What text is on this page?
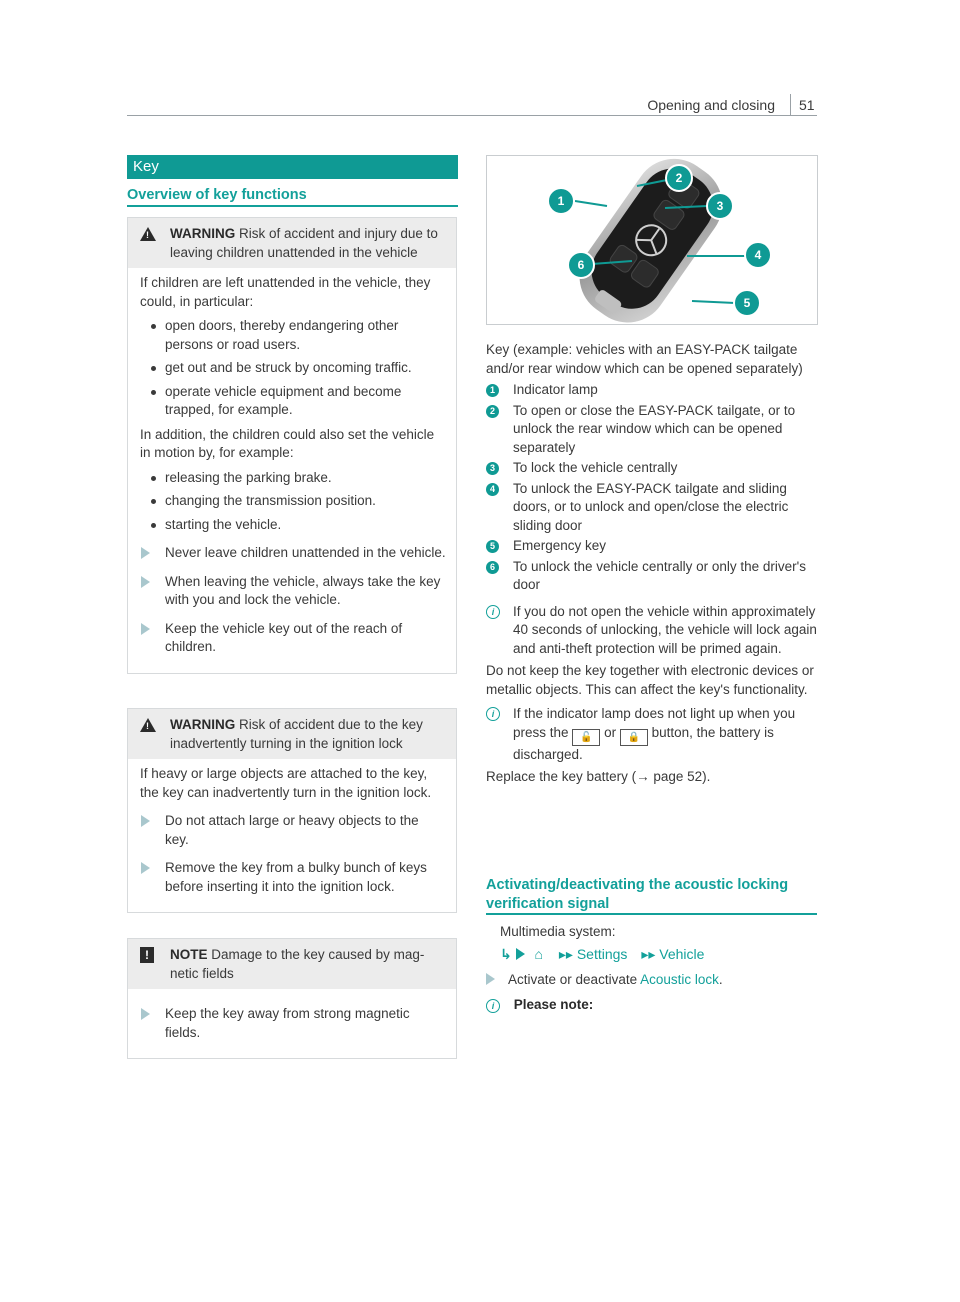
Opening and closing 51
Key
Overview of key functions
!
WARNING Risk of accident and injury due to leaving children unattended in the vehicle

If children are left unattended in the vehicle, they could, in particular:

open doors, thereby endangering other persons or road users.
get out and be struck by oncoming traffic.
operate vehicle equipment and become trapped, for example.

In addition, the children could also set the vehicle in motion by, for example:

releasing the parking brake.
changing the transmission position.
starting the vehicle.
Never leave children unattended in the vehicle.
When leaving the vehicle, always take the key with you and lock the vehicle.
Keep the vehicle key out of the reach of children.
!
WARNING Risk of accident due to the key inadvertently turning in the ignition lock

If heavy or large objects are attached to the key, the key can inadvertently turn in the ignition lock.

Do not attach large or heavy objects to the key.
Remove the key from a bulky bunch of keys before inserting it into the ignition lock.
!	NOTE Damage to the key caused by magnetic fields
Keep the key away from strong magnetic fields.
1
2
3
4
5
6
Key (example: vehicles with an EASY-PACK tailgate and/or rear window which can be opened separately)
1 Indicator lamp
2 To open or close the EASY-PACK tailgate, or to unlock the rear window which can be opened separately
3 To lock the vehicle centrally
4 To unlock the EASY-PACK tailgate and sliding doors, or to unlock and open/close the electric sliding door
5 Emergency key
6 To unlock the vehicle centrally or only the driver's door
i	If you do not open the vehicle within approximately 40 seconds of unlocking, the vehicle will lock again and anti-theft protection will be primed again.
Do not keep the key together with electronic devices or metallic objects. This can affect the key's functionality.
i	If the indicator lamp does not light up when you press the 🔓 or 🔒 button, the battery is discharged.
Replace the key battery (→ page 52).
Activating/deactivating the acoustic locking verification signal
Multimedia system:
↳ ⌂ ▸▸ Settings ▸▸ Vehicle
Activate or deactivate Acoustic lock.
i Please note:
